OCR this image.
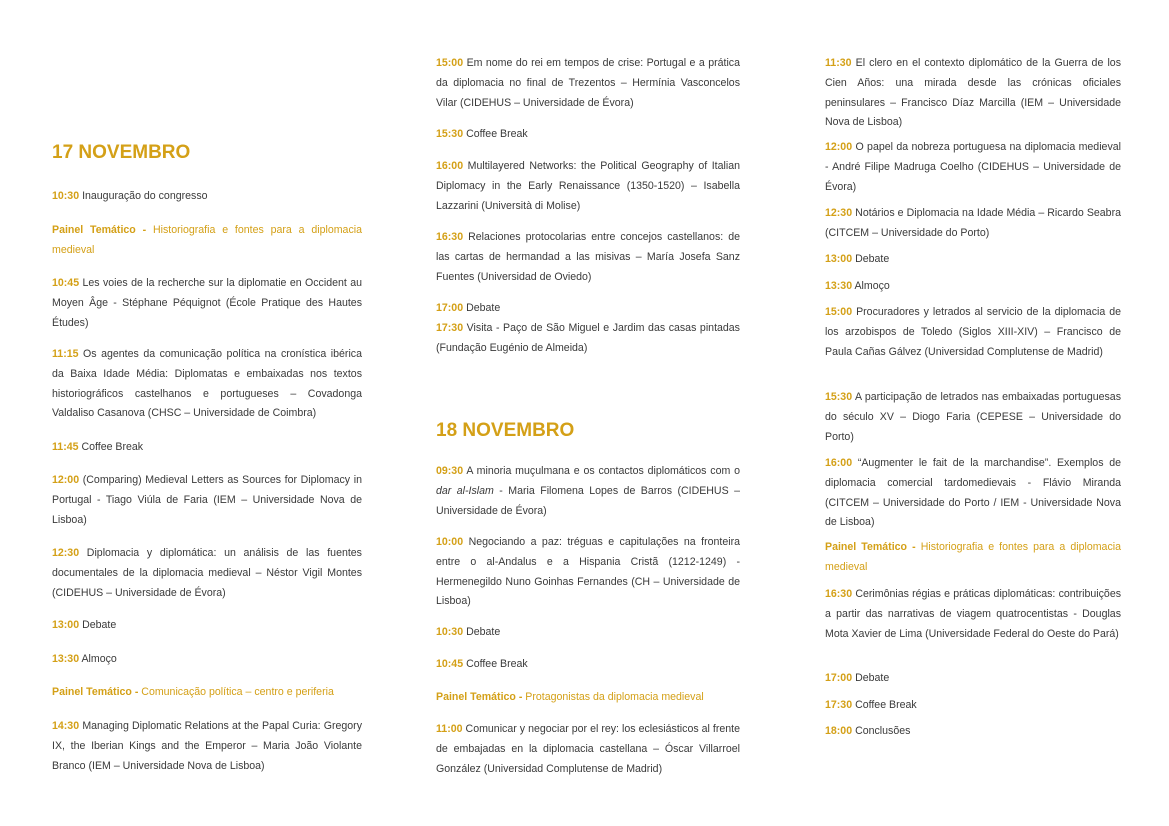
17 NOVEMBRO

10:30 Inauguração do congresso

Painel Temático - Historiografia e fontes para a diplomacia medieval

10:45 Les voies de la recherche sur la diplomatie en Occident au Moyen Âge - Stéphane Péquignot (École Pratique des Hautes Études)

11:15 Os agentes da comunicação política na cronística ibérica da Baixa Idade Média: Diplomatas e embaixadas nos textos historiográficos castelhanos e portugueses – Covadonga Valdaliso Casanova (CHSC – Universidade de Coimbra)

11:45 Coffee Break

12:00 (Comparing) Medieval Letters as Sources for Diplomacy in Portugal - Tiago Viúla de Faria (IEM – Universidade Nova de Lisboa)

12:30 Diplomacia y diplomática: un análisis de las fuentes documentales de la diplomacia medieval – Néstor Vigil Montes (CIDEHUS – Universidade de Évora)

13:00 Debate

13:30 Almoço

Painel Temático - Comunicação política – centro e periferia

14:30 Managing Diplomatic Relations at the Papal Curia: Gregory IX, the Iberian Kings and the Emperor – Maria João Violante Branco (IEM – Universidade Nova de Lisboa)

15:00 Em nome do rei em tempos de crise: Portugal e a prática da diplomacia no final de Trezentos – Hermínia Vasconcelos Vilar (CIDEHUS – Universidade de Évora)

15:30 Coffee Break

16:00 Multilayered Networks: the Political Geography of Italian Diplomacy in the Early Renaissance (1350-1520) – Isabella Lazzarini (Università di Molise)

16:30 Relaciones protocolarias entre concejos castellanos: de las cartas de hermandad a las misivas – María Josefa Sanz Fuentes (Universidad de Oviedo)

17:00 Debate

17:30 Visita - Paço de São Miguel e Jardim das casas pintadas (Fundação Eugénio de Almeida)

18 NOVEMBRO

09:30 A minoria muçulmana e os contactos diplomáticos com o dar al-Islam - Maria Filomena Lopes de Barros (CIDEHUS – Universidade de Évora)

10:00 Negociando a paz: tréguas e capitulações na fronteira entre o al-Andalus e a Hispania Cristã (1212-1249) - Hermenegildo Nuno Goinhas Fernandes (CH – Universidade de Lisboa)

10:30 Debate

10:45 Coffee Break

Painel Temático - Protagonistas da diplomacia medieval

11:00 Comunicar y negociar por el rey: los eclesiásticos al frente de embajadas en la diplomacia castellana – Óscar Villarroel González (Universidad Complutense de Madrid)

11:30 El clero en el contexto diplomático de la Guerra de los Cien Años: una mirada desde las crónicas oficiales peninsulares – Francisco Díaz Marcilla (IEM – Universidade Nova de Lisboa)

12:00 O papel da nobreza portuguesa na diplomacia medieval - André Filipe Madruga Coelho (CIDEHUS – Universidade de Évora)

12:30 Notários e Diplomacia na Idade Média – Ricardo Seabra (CITCEM – Universidade do Porto)

13:00 Debate

13:30 Almoço

15:00 Procuradores y letrados al servicio de la diplomacia de los arzobispos de Toledo (Siglos XIII-XIV) – Francisco de Paula Cañas Gálvez (Universidad Complutense de Madrid)

15:30 A participação de letrados nas embaixadas portuguesas do século XV – Diogo Faria (CEPESE – Universidade do Porto)

16:00 “Augmenter le fait de la marchandise”. Exemplos de diplomacia comercial tardomedievais - Flávio Miranda (CITCEM – Universidade do Porto / IEM - Universidade Nova de Lisboa)

Painel Temático - Historiografia e fontes para a diplomacia medieval

16:30 Cerimônias régias e práticas diplomáticas: contribuições a partir das narrativas de viagem quatrocentistas - Douglas Mota Xavier de Lima (Universidade Federal do Oeste do Pará)

17:00 Debate

17:30 Coffee Break

18:00 Conclusões
